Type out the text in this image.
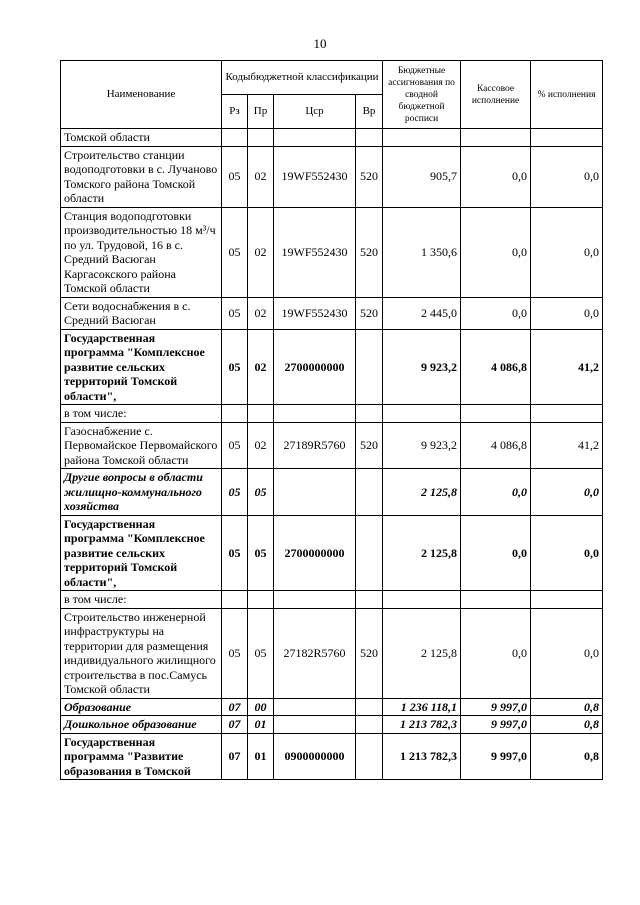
10
Наименование	Кодыбюджетной классификации				Бюджетные ассигнования по сводной бюджетной росписи	Кассовое исполнение	% исполнения
	Рз	Пр	Цср	Вр			
Томской области							
Строительство станции водоподготовки в с. Лучаново Томского района Томской области	05	02	19WF552430	520	905,7	0,0	0,0
Станция водоподготовки производительностью 18 м³/ч по ул. Трудовой, 16 в с. Средний Васюган Каргасокского района Томской области	05	02	19WF552430	520	1 350,6	0,0	0,0
Сети водоснабжения в с. Средний Васюган	05	02	19WF552430	520	2 445,0	0,0	0,0
Государственная программа "Комплексное развитие сельских территорий Томской области",	05	02	2700000000		9 923,2	4 086,8	41,2
в том числе:							
Газоснабжение с. Первомайское Первомайского района Томской области	05	02	27189R5760	520	9 923,2	4 086,8	41,2
Другие вопросы в области жилищно-коммунального хозяйства	05	05			2 125,8	0,0	0,0
Государственная программа "Комплексное развитие сельских территорий Томской области",	05	05	2700000000		2 125,8	0,0	0,0
в том числе:							
Строительство инженерной инфраструктуры на территории для размещения индивидуального жилищного строительства в пос.Самусь Томской области	05	05	27182R5760	520	2 125,8	0,0	0,0
Образование	07	00			1 236 118,1	9 997,0	0,8
Дошкольное образование	07	01			1 213 782,3	9 997,0	0,8
Государственная программа "Развитие образования в Томской	07	01	0900000000		1 213 782,3	9 997,0	0,8
